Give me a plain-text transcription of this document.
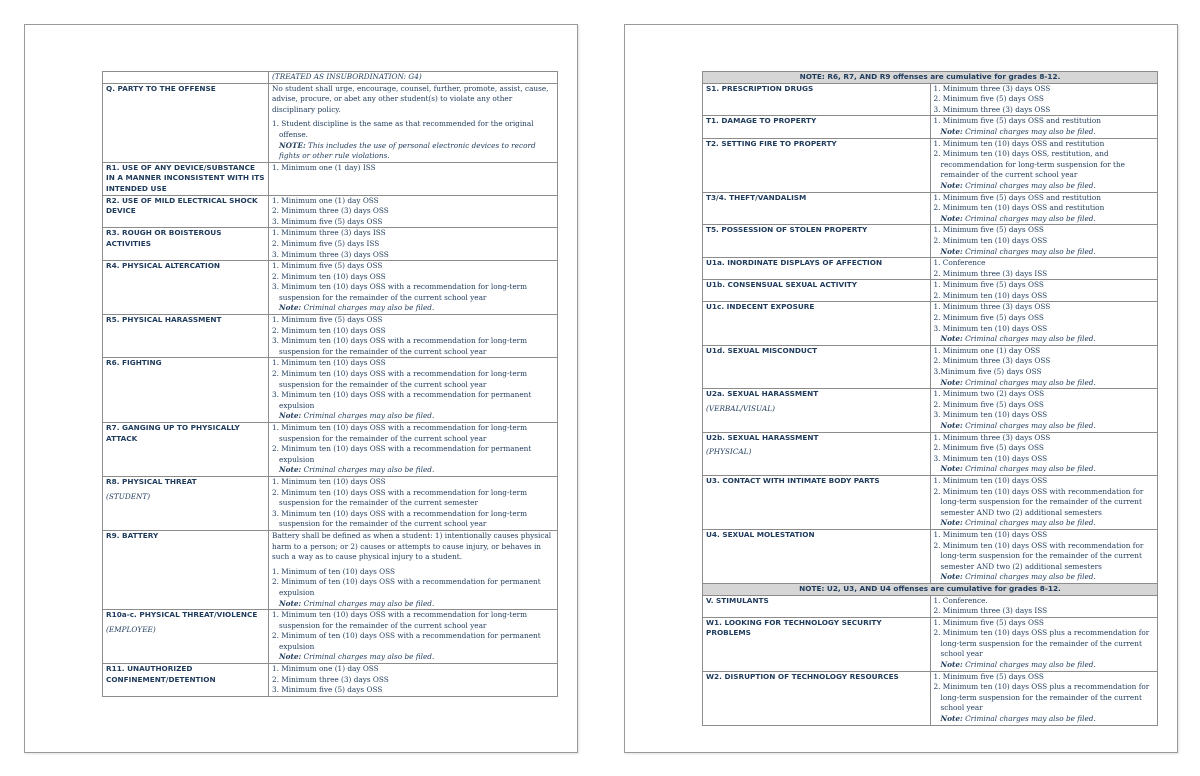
	(TREATED AS INSUBORDINATION: G4)
Q. PARTY TO THE OFFENSE	No student shall urge, encourage, counsel, further, promote, assist, cause, advise, procure, or abet any other student(s) to violate any other disciplinary policy.
1. Student discipline is the same as that recommended for the original offense.
NOTE: This includes the use of personal electronic devices to record fights or other rule violations.

R1. USE OF ANY DEVICE/SUBSTANCE IN A MANNER INCONSISTENT WITH ITS INTENDED USE	1. Minimum one (1 day) ISS

R2. USE OF MILD ELECTRICAL SHOCK DEVICE	1. Minimum one (1) day OSS
2. Minimum three (3) days OSS
3. Minimum five (5) days OSS

R3. ROUGH OR BOISTEROUS ACTIVITIES	1. Minimum three (3) days ISS
2. Minimum five (5) days ISS
3. Minimum three (3) days OSS

R4. PHYSICAL ALTERCATION	1. Minimum five (5) days OSS
2. Minimum ten (10) days OSS
3. Minimum ten (10) days OSS with a recommendation for long-term suspension for the remainder of the current school year
Note: Criminal charges may also be filed.

R5. PHYSICAL HARASSMENT	1. Minimum five (5) days OSS
2. Minimum ten (10) days OSS
3. Minimum ten (10) days OSS with a recommendation for long-term suspension for the remainder of the current school year

R6. FIGHTING	1. Minimum ten (10) days OSS
2. Minimum ten (10) days OSS with a recommendation for long-term suspension for the remainder of the current school year
3. Minimum ten (10) days OSS with a recommendation for permanent expulsion
Note: Criminal charges may also be filed.

R7. GANGING UP TO PHYSICALLY ATTACK	1. Minimum ten (10) days OSS with a recommendation for long-term suspension for the remainder of the current school year
2. Minimum ten (10) days OSS with a recommendation for permanent expulsion
Note: Criminal charges may also be filed.

R8. PHYSICAL THREAT
(STUDENT)	1. Minimum ten (10) days OSS
2. Minimum ten (10) days OSS with a recommendation for long-term suspension for the remainder of the current semester
3. Minimum ten (10) days OSS with a recommendation for long-term suspension for the remainder of the current school year

R9. BATTERY	Battery shall be defined as when a student: 1) intentionally causes physical harm to a person; or 2) causes or attempts to cause injury, or behaves in such a way as to cause physical injury to a student.
1. Minimum of ten (10) days OSS
2. Minimum of ten (10) days OSS with a recommendation for permanent expulsion
Note: Criminal charges may also be filed.

R10a-c. PHYSICAL THREAT/VIOLENCE
(EMPLOYEE)	1. Minimum ten (10) days OSS with a recommendation for long-term suspension for the remainder of the current school year
2. Minimum of ten (10) days OSS with a recommendation for permanent expulsion
Note: Criminal charges may also be filed.

R11. UNAUTHORIZED CONFINEMENT/DETENTION	1. Minimum one (1) day OSS
2. Minimum three (3) days OSS
3. Minimum five (5) days OSS
NOTE: R6, R7, AND R9 offenses are cumulative for grades 8-12.	
S1. PRESCRIPTION DRUGS	1. Minimum three (3) days OSS
2. Minimum five (5) days OSS
3. Minimum three (3) days OSS

T1. DAMAGE TO PROPERTY	1. Minimum five (5) days OSS and restitution
Note: Criminal charges may also be filed.

T2. SETTING FIRE TO PROPERTY	1. Minimum ten (10) days OSS and restitution
2. Minimum ten (10) days OSS, restitution, and recommendation for long-term suspension for the remainder of the current school year
Note: Criminal charges may also be filed.

T3/4. THEFT/VANDALISM	1. Minimum five (5) days OSS and restitution
2. Minimum ten (10) days OSS and restitution
Note: Criminal charges may also be filed.

T5. POSSESSION OF STOLEN PROPERTY	1. Minimum five (5) days OSS
2. Minimum ten (10) days OSS
Note: Criminal charges may also be filed.

U1a. INORDINATE DISPLAYS OF AFFECTION	1. Conference
2. Minimum three (3) days ISS

U1b. CONSENSUAL SEXUAL ACTIVITY	1. Minimum five (5) days OSS
2. Minimum ten (10) days OSS

U1c. INDECENT EXPOSURE	1. Minimum three (3) days OSS
2. Minimum five (5) days OSS
3. Minimum ten (10) days OSS
Note: Criminal charges may also be filed.

U1d. SEXUAL MISCONDUCT	1. Minimum one (1) day OSS
2. Minimum three (3) days OSS
3.Minimum five (5) days OSS
Note: Criminal charges may also be filed.

U2a. SEXUAL HARASSMENT
(VERBAL/VISUAL)	1. Minimum two (2) days OSS
2. Minimum five (5) days OSS
3. Minimum ten (10) days OSS
Note: Criminal charges may also be filed.

U2b. SEXUAL HARASSMENT
(PHYSICAL)	1. Minimum three (3) days OSS
2. Minimum five (5) days OSS
3. Minimum ten (10) days OSS
Note: Criminal charges may also be filed.

U3. CONTACT WITH INTIMATE BODY PARTS	1. Minimum ten (10) days OSS
2. Minimum ten (10) days OSS with recommendation for long-term suspension for the remainder of the current semester AND two (2) additional semesters
Note: Criminal charges may also be filed.

U4. SEXUAL MOLESTATION	1. Minimum ten (10) days OSS
2. Minimum ten (10) days OSS with recommendation for long-term suspension for the remainder of the current semester AND two (2) additional semesters
Note: Criminal charges may also be filed.

NOTE: U2, U3, AND U4 offenses are cumulative for grades 8-12.	
V. STIMULANTS	1. Conference.
2. Minimum three (3) days ISS

W1. LOOKING FOR TECHNOLOGY SECURITY PROBLEMS	1. Minimum five (5) days OSS
2. Minimum ten (10) days OSS plus a recommendation for long-term suspension for the remainder of the current school year
Note: Criminal charges may also be filed.

W2. DISRUPTION OF TECHNOLOGY RESOURCES	1. Minimum five (5) days OSS
2. Minimum ten (10) days OSS plus a recommendation for long-term suspension for the remainder of the current school year
Note: Criminal charges may also be filed.
